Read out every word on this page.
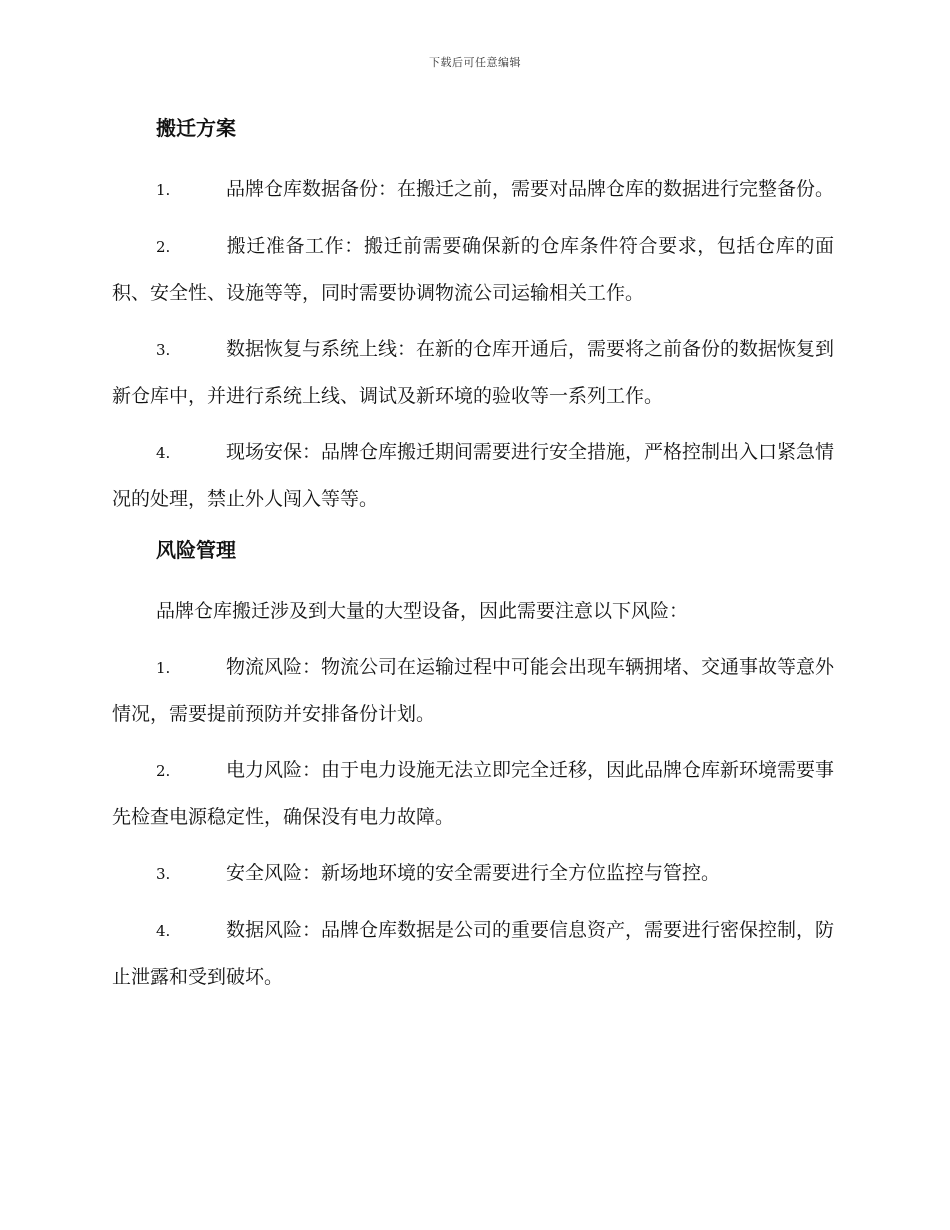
下载后可任意编辑
搬迁方案

1.	品牌仓库数据备份：在搬迁之前，需要对品牌仓库的数据进行完整备份。

2.	搬迁准备工作：搬迁前需要确保新的仓库条件符合要求，包括仓库的面积、安全性、设施等等，同时需要协调物流公司运输相关工作。

3.	数据恢复与系统上线：在新的仓库开通后，需要将之前备份的数据恢复到新仓库中，并进行系统上线、调试及新环境的验收等一系列工作。

4.	现场安保：品牌仓库搬迁期间需要进行安全措施，严格控制出入口紧急情况的处理，禁止外人闯入等等。

风险管理

品牌仓库搬迁涉及到大量的大型设备，因此需要注意以下风险：

1.	物流风险：物流公司在运输过程中可能会出现车辆拥堵、交通事故等意外情况，需要提前预防并安排备份计划。

2.	电力风险：由于电力设施无法立即完全迁移，因此品牌仓库新环境需要事先检查电源稳定性，确保没有电力故障。

3.	安全风险：新场地环境的安全需要进行全方位监控与管控。

4.	数据风险：品牌仓库数据是公司的重要信息资产，需要进行密保控制，防止泄露和受到破坏。
